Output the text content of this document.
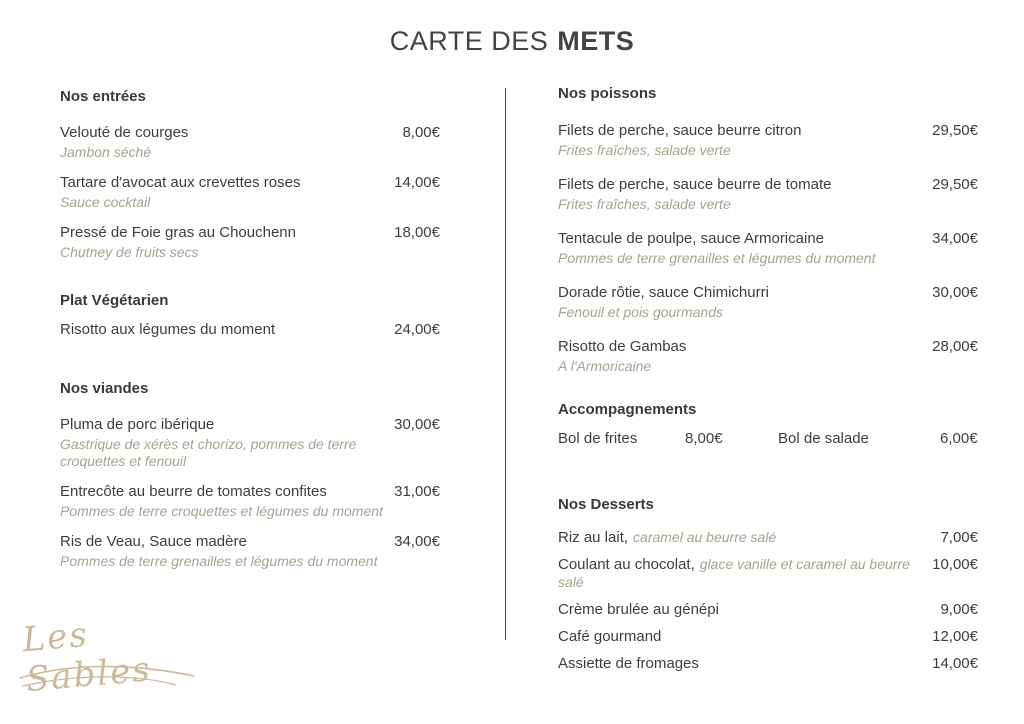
CARTE DES METS
Nos entrées
Velouté de courges	8,00€
Jambon séché
Tartare d'avocat aux crevettes roses	14,00€
Sauce cocktail
Pressé de Foie gras au Chouchenn	18,00€
Chutney de fruits secs
Plat Végétarien
Risotto aux légumes du moment	24,00€
Nos viandes
Pluma de porc ibérique	30,00€
Gastrique de xérès et chorizo, pommes de terre croquettes et fenouil
Entrecôte au beurre de tomates confites	31,00€
Pommes de terre croquettes et légumes du moment
Ris de Veau, Sauce madère	34,00€
Pommes de terre grenailles et légumes du moment
Nos poissons
Filets de perche, sauce beurre citron	29,50€
Frites fraîches, salade verte
Filets de perche, sauce beurre de tomate	29,50€
Frites fraîches, salade verte
Tentacule de poulpe, sauce Armoricaine	34,00€
Pommes de terre grenailles et légumes du moment
Dorade rôtie, sauce Chimichurri	30,00€
Fenouil et pois gourmands
Risotto de Gambas	28,00€
A l'Armoricaine
Accompagnements
Bol de frites	8,00€	Bol de salade	6,00€
Nos Desserts
Riz au lait, caramel au beurre salé	7,00€
Coulant au chocolat, glace vanille et caramel au beurre salé
10,00€
Crème brulée au génépi	9,00€
Café gourmand	12,00€
Assiette de fromages	14,00€
Les Sables
